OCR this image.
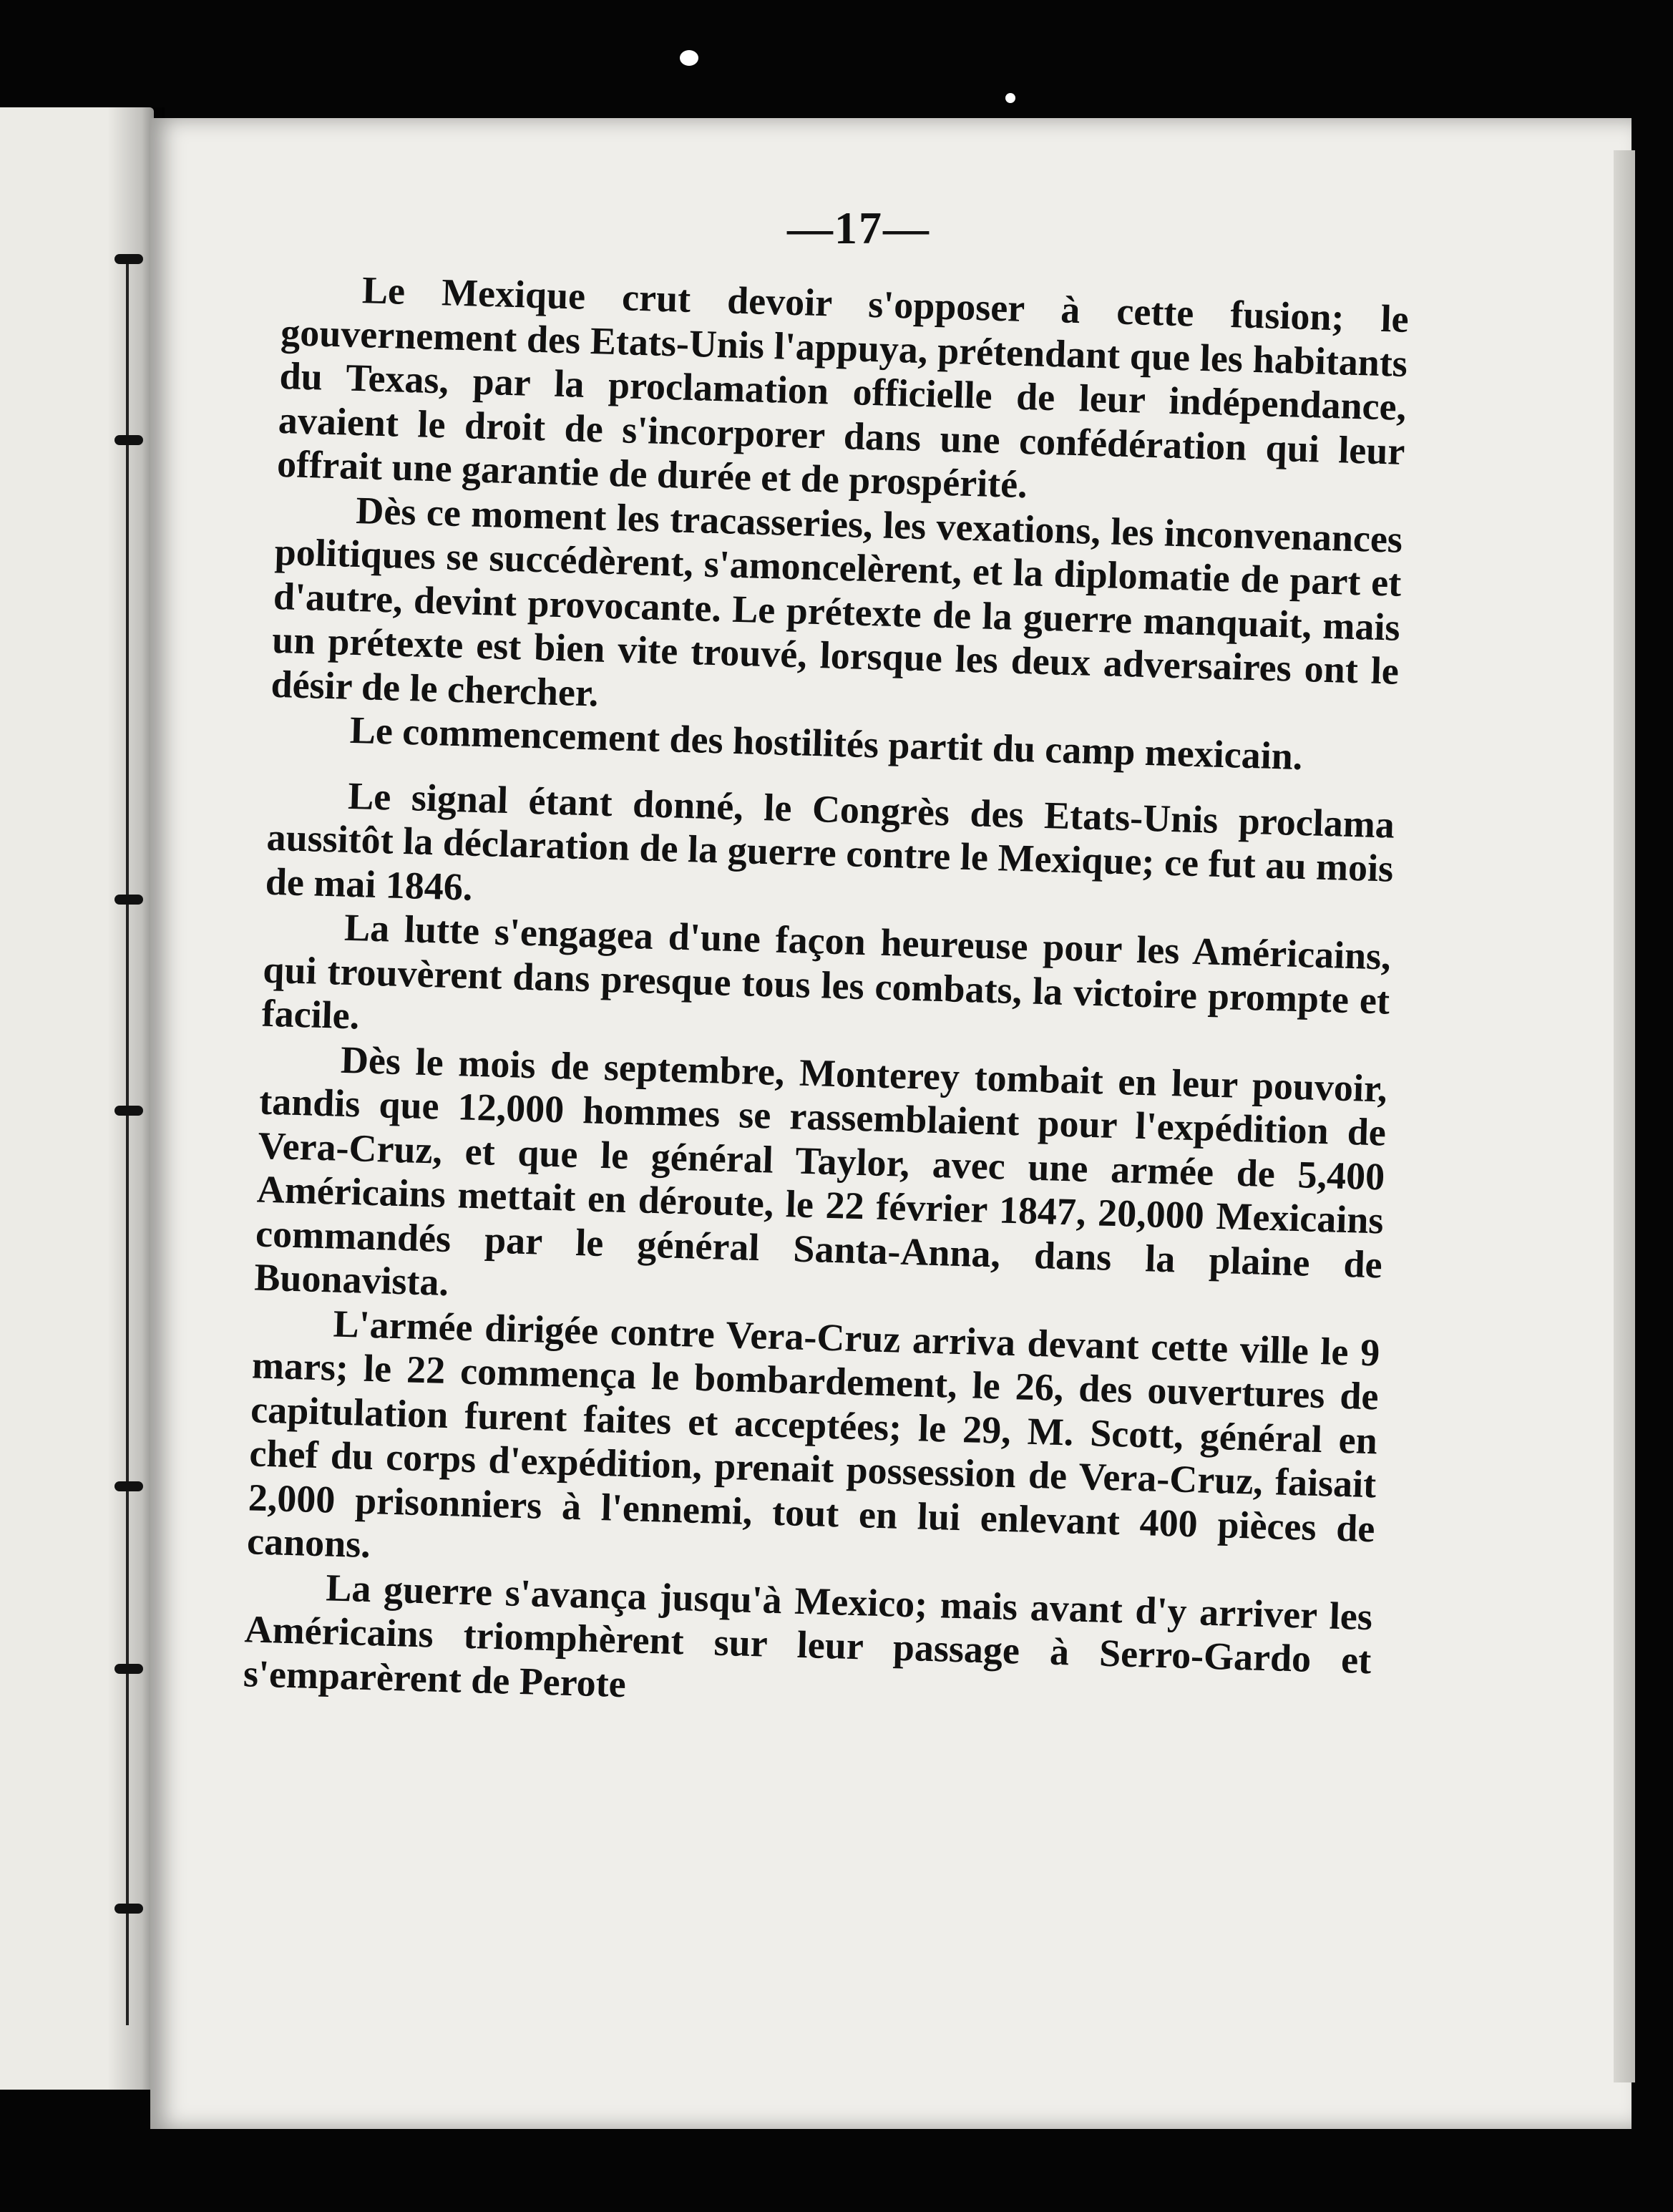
—17—

Le Mexique crut devoir s'opposer à cette fusion; le gouvernement des Etats-Unis l'appuya, prétendant que les habitants du Texas, par la proclamation officielle de leur indépendance, avaient le droit de s'incorporer dans une confédération qui leur offrait une garantie de durée et de prospérité.

Dès ce moment les tracasseries, les vexations, les inconvenances politiques se succédèrent, s'amoncelèrent, et la diplomatie de part et d'autre, devint provocante. Le prétexte de la guerre manquait, mais un prétexte est bien vite trouvé, lorsque les deux adversaires ont le désir de le chercher.

Le commencement des hostilités partit du camp mexicain.

Le signal étant donné, le Congrès des Etats-Unis proclama aussitôt la déclaration de la guerre contre le Mexique; ce fut au mois de mai 1846.

La lutte s'engagea d'une façon heureuse pour les Américains, qui trouvèrent dans presque tous les combats, la victoire prompte et facile.

Dès le mois de septembre, Monterey tombait en leur pouvoir, tandis que 12,000 hommes se rassemblaient pour l'expédition de Vera-Cruz, et que le général Taylor, avec une armée de 5,400 Américains mettait en déroute, le 22 février 1847, 20,000 Mexicains commandés par le général Santa-Anna, dans la plaine de Buonavista.

L'armée dirigée contre Vera-Cruz arriva devant cette ville le 9 mars; le 22 commença le bombardement, le 26, des ouvertures de capitulation furent faites et acceptées; le 29, M. Scott, général en chef du corps d'expédition, prenait possession de Vera-Cruz, faisait 2,000 prisonniers à l'ennemi, tout en lui enlevant 400 pièces de canons.

La guerre s'avança jusqu'à Mexico; mais avant d'y arriver les Américains triomphèrent sur leur passage à Serro-Gardo et s'emparèrent de Perote
